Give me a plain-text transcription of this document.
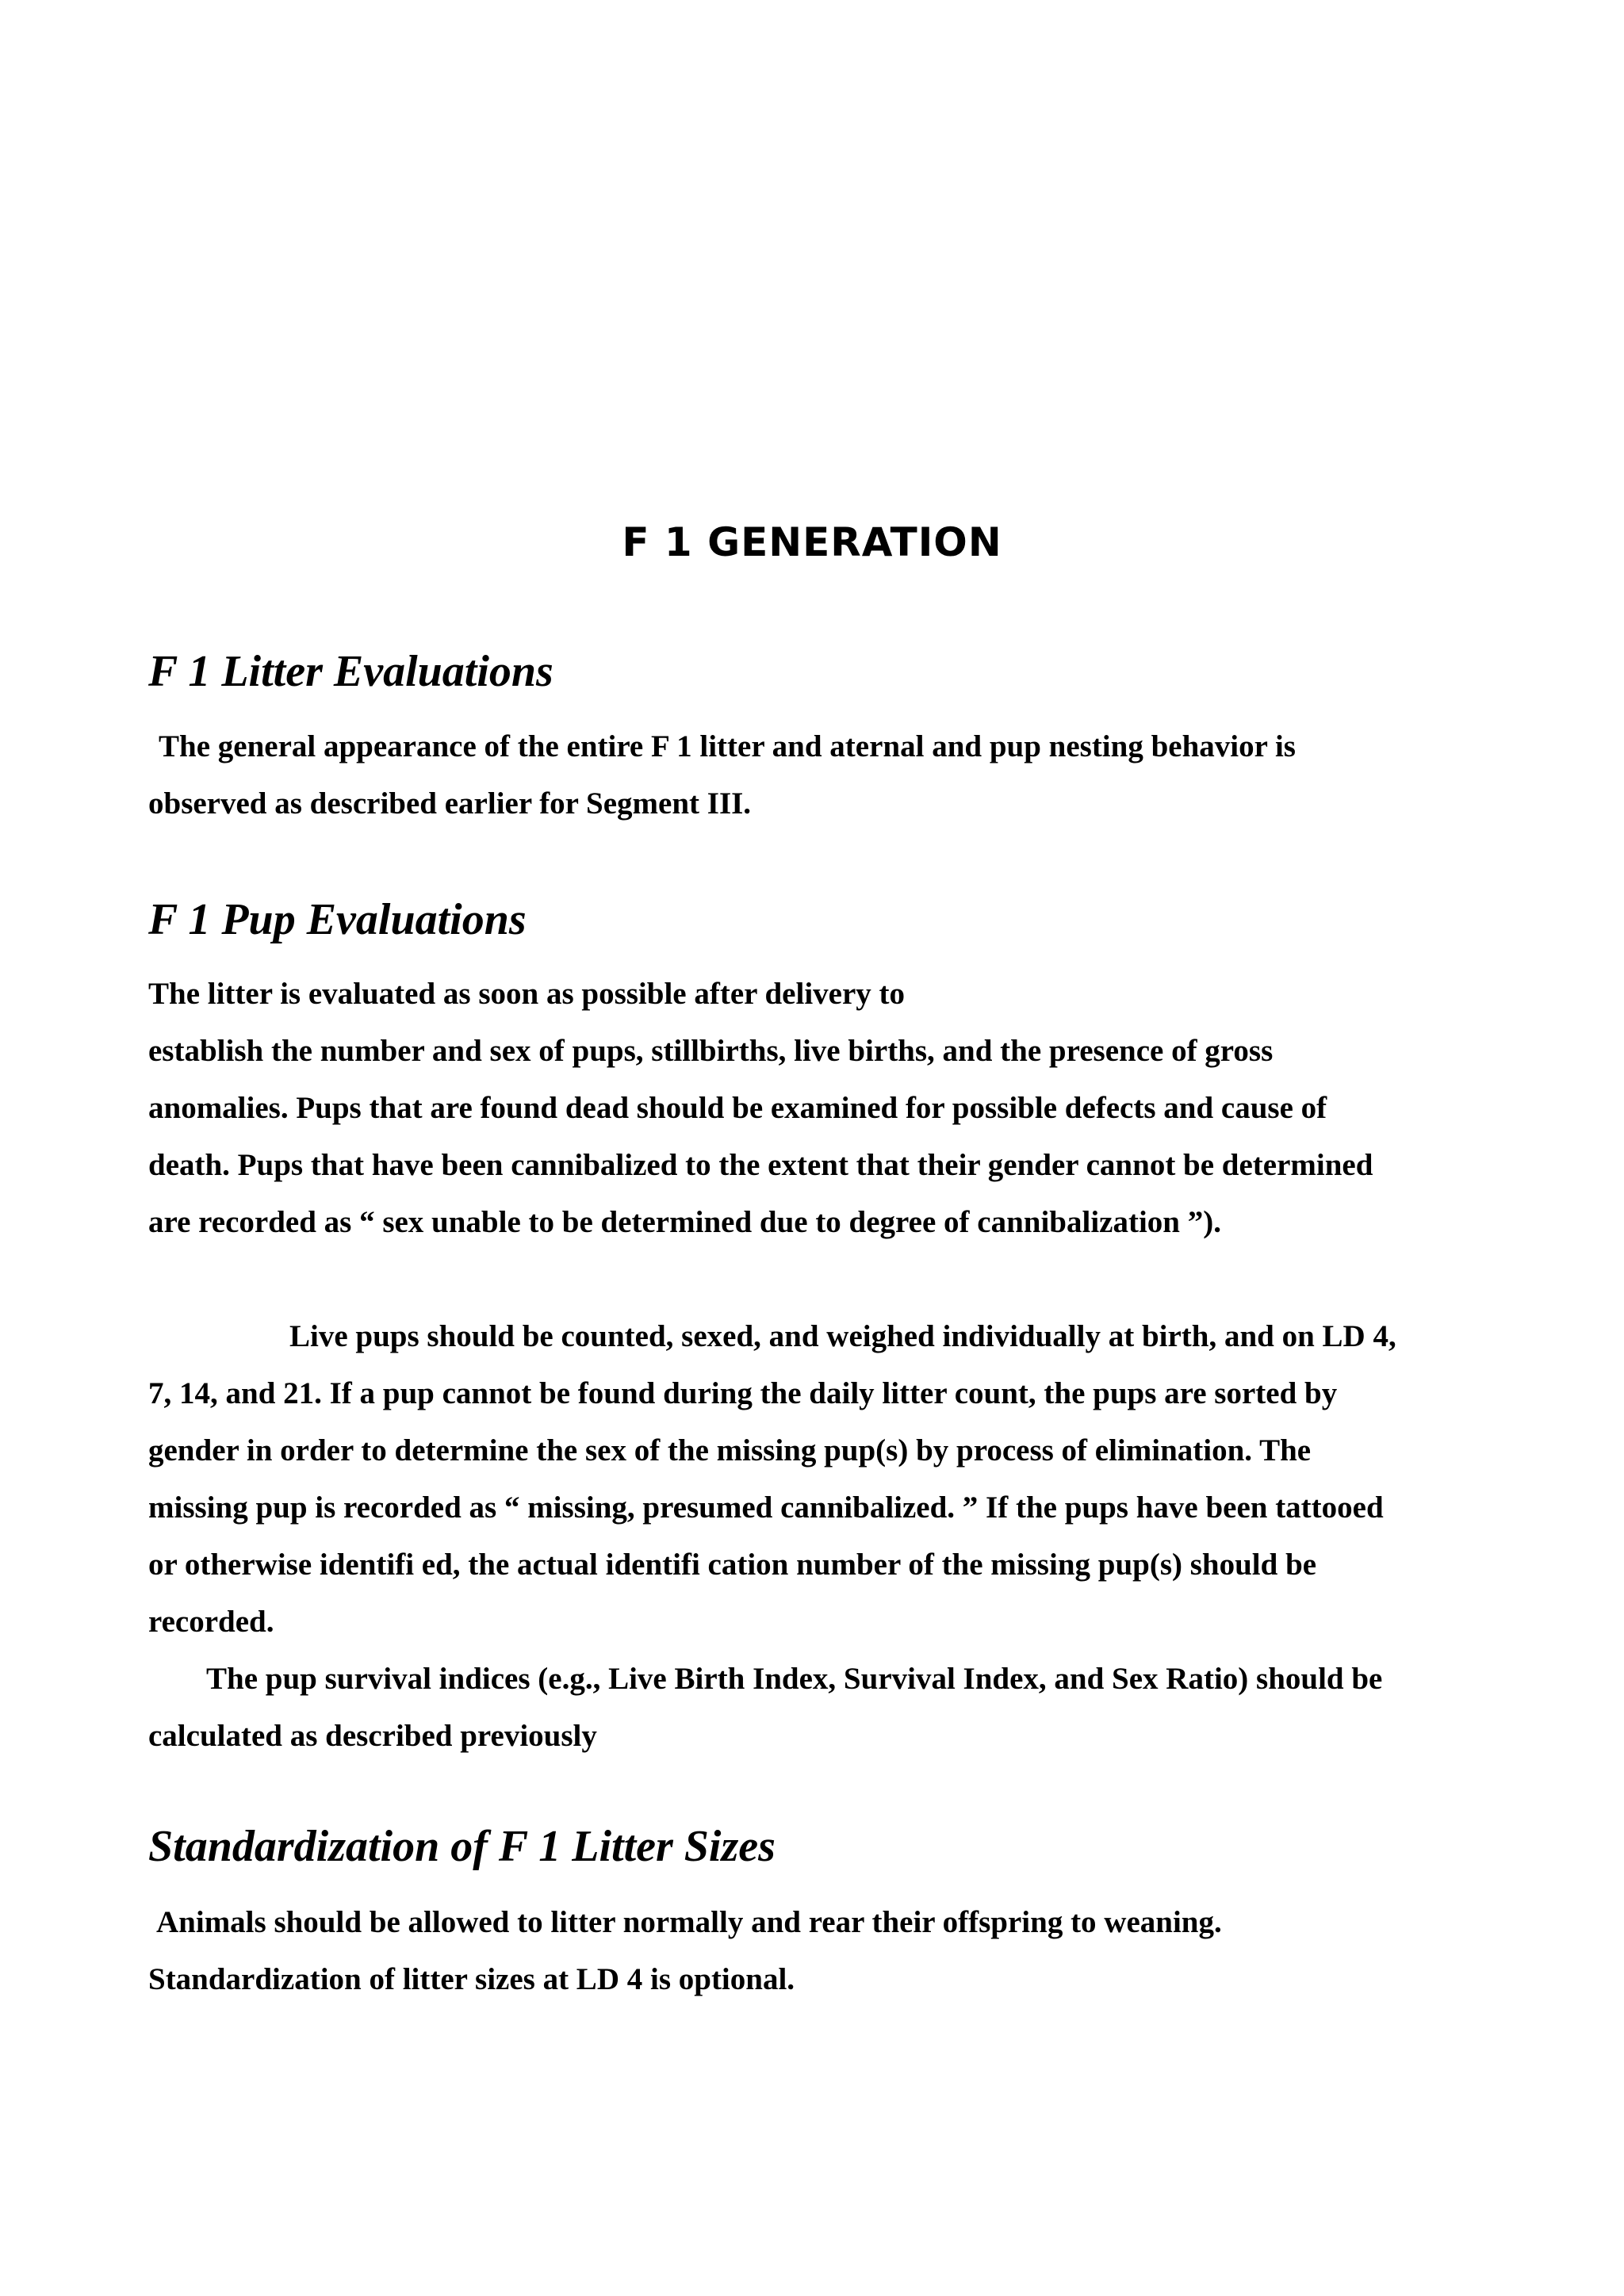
F 1 GENERATION
F 1 Litter Evaluations

The general appearance of the entire F 1 litter and aternal and pup nesting behavior is
observed as described earlier for Segment III.

F 1 Pup Evaluations

The litter is evaluated as soon as possible after delivery to
establish the number and sex of pups, stillbirths, live births, and the presence of gross
anomalies. Pups that are found dead should be examined for possible defects and cause of
death. Pups that have been cannibalized to the extent that their gender cannot be determined
are recorded as “ sex unable to be determined due to degree of cannibalization ”).

Live pups should be counted, sexed, and weighed individually at birth, and on LD 4,
7, 14, and 21. If a pup cannot be found during the daily litter count, the pups are sorted by
gender in order to determine the sex of the missing pup(s) by process of elimination. The
missing pup is recorded as “ missing, presumed cannibalized. ” If the pups have been tattooed
or otherwise identifi ed, the actual identifi cation number of the missing pup(s) should be
recorded.
The pup survival indices (e.g., Live Birth Index, Survival Index, and Sex Ratio) should be
calculated as described previously

Standardization of F 1 Litter Sizes

Animals should be allowed to litter normally and rear their offspring to weaning.
Standardization of litter sizes at LD 4 is optional.
